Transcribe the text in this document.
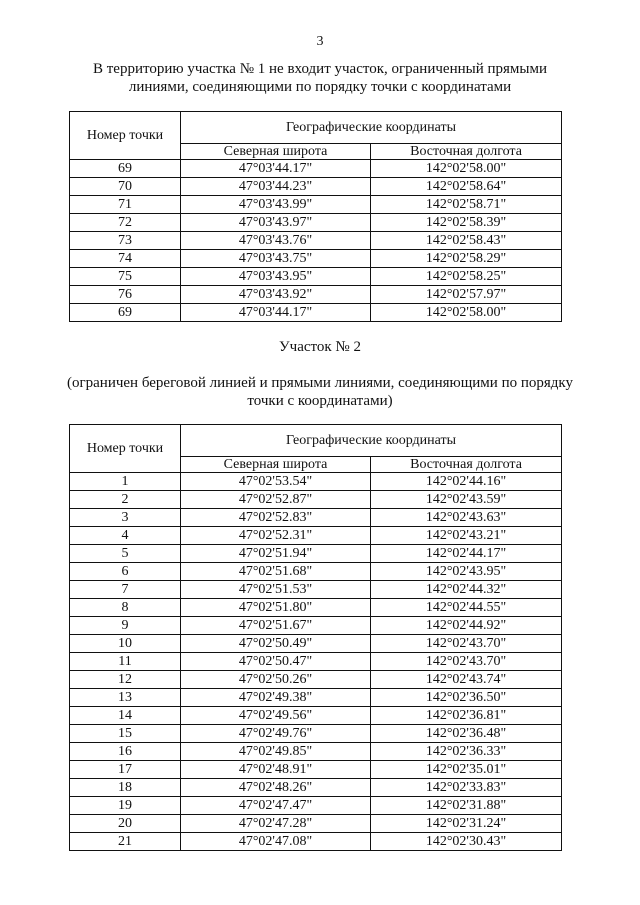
3
В территорию участка № 1 не входит участок, ограниченный прямыми
линиями, соединяющими по порядку точки с координатами
Номер точки	Географические координаты	
	Северная широта	Восточная долгота
69	47°03'44.17"	142°02'58.00"
70	47°03'44.23"	142°02'58.64"
71	47°03'43.99"	142°02'58.71"
72	47°03'43.97"	142°02'58.39"
73	47°03'43.76"	142°02'58.43"
74	47°03'43.75"	142°02'58.29"
75	47°03'43.95"	142°02'58.25"
76	47°03'43.92"	142°02'57.97"
69	47°03'44.17"	142°02'58.00"
Участок № 2
(ограничен береговой линией и прямыми линиями, соединяющими по порядку
точки с координатами)
Номер точки	Географические координаты	
	Северная широта	Восточная долгота
1	47°02'53.54"	142°02'44.16"
2	47°02'52.87"	142°02'43.59"
3	47°02'52.83"	142°02'43.63"
4	47°02'52.31"	142°02'43.21"
5	47°02'51.94"	142°02'44.17"
6	47°02'51.68"	142°02'43.95"
7	47°02'51.53"	142°02'44.32"
8	47°02'51.80"	142°02'44.55"
9	47°02'51.67"	142°02'44.92"
10	47°02'50.49"	142°02'43.70"
11	47°02'50.47"	142°02'43.70"
12	47°02'50.26"	142°02'43.74"
13	47°02'49.38"	142°02'36.50"
14	47°02'49.56"	142°02'36.81"
15	47°02'49.76"	142°02'36.48"
16	47°02'49.85"	142°02'36.33"
17	47°02'48.91"	142°02'35.01"
18	47°02'48.26"	142°02'33.83"
19	47°02'47.47"	142°02'31.88"
20	47°02'47.28"	142°02'31.24"
21	47°02'47.08"	142°02'30.43"
